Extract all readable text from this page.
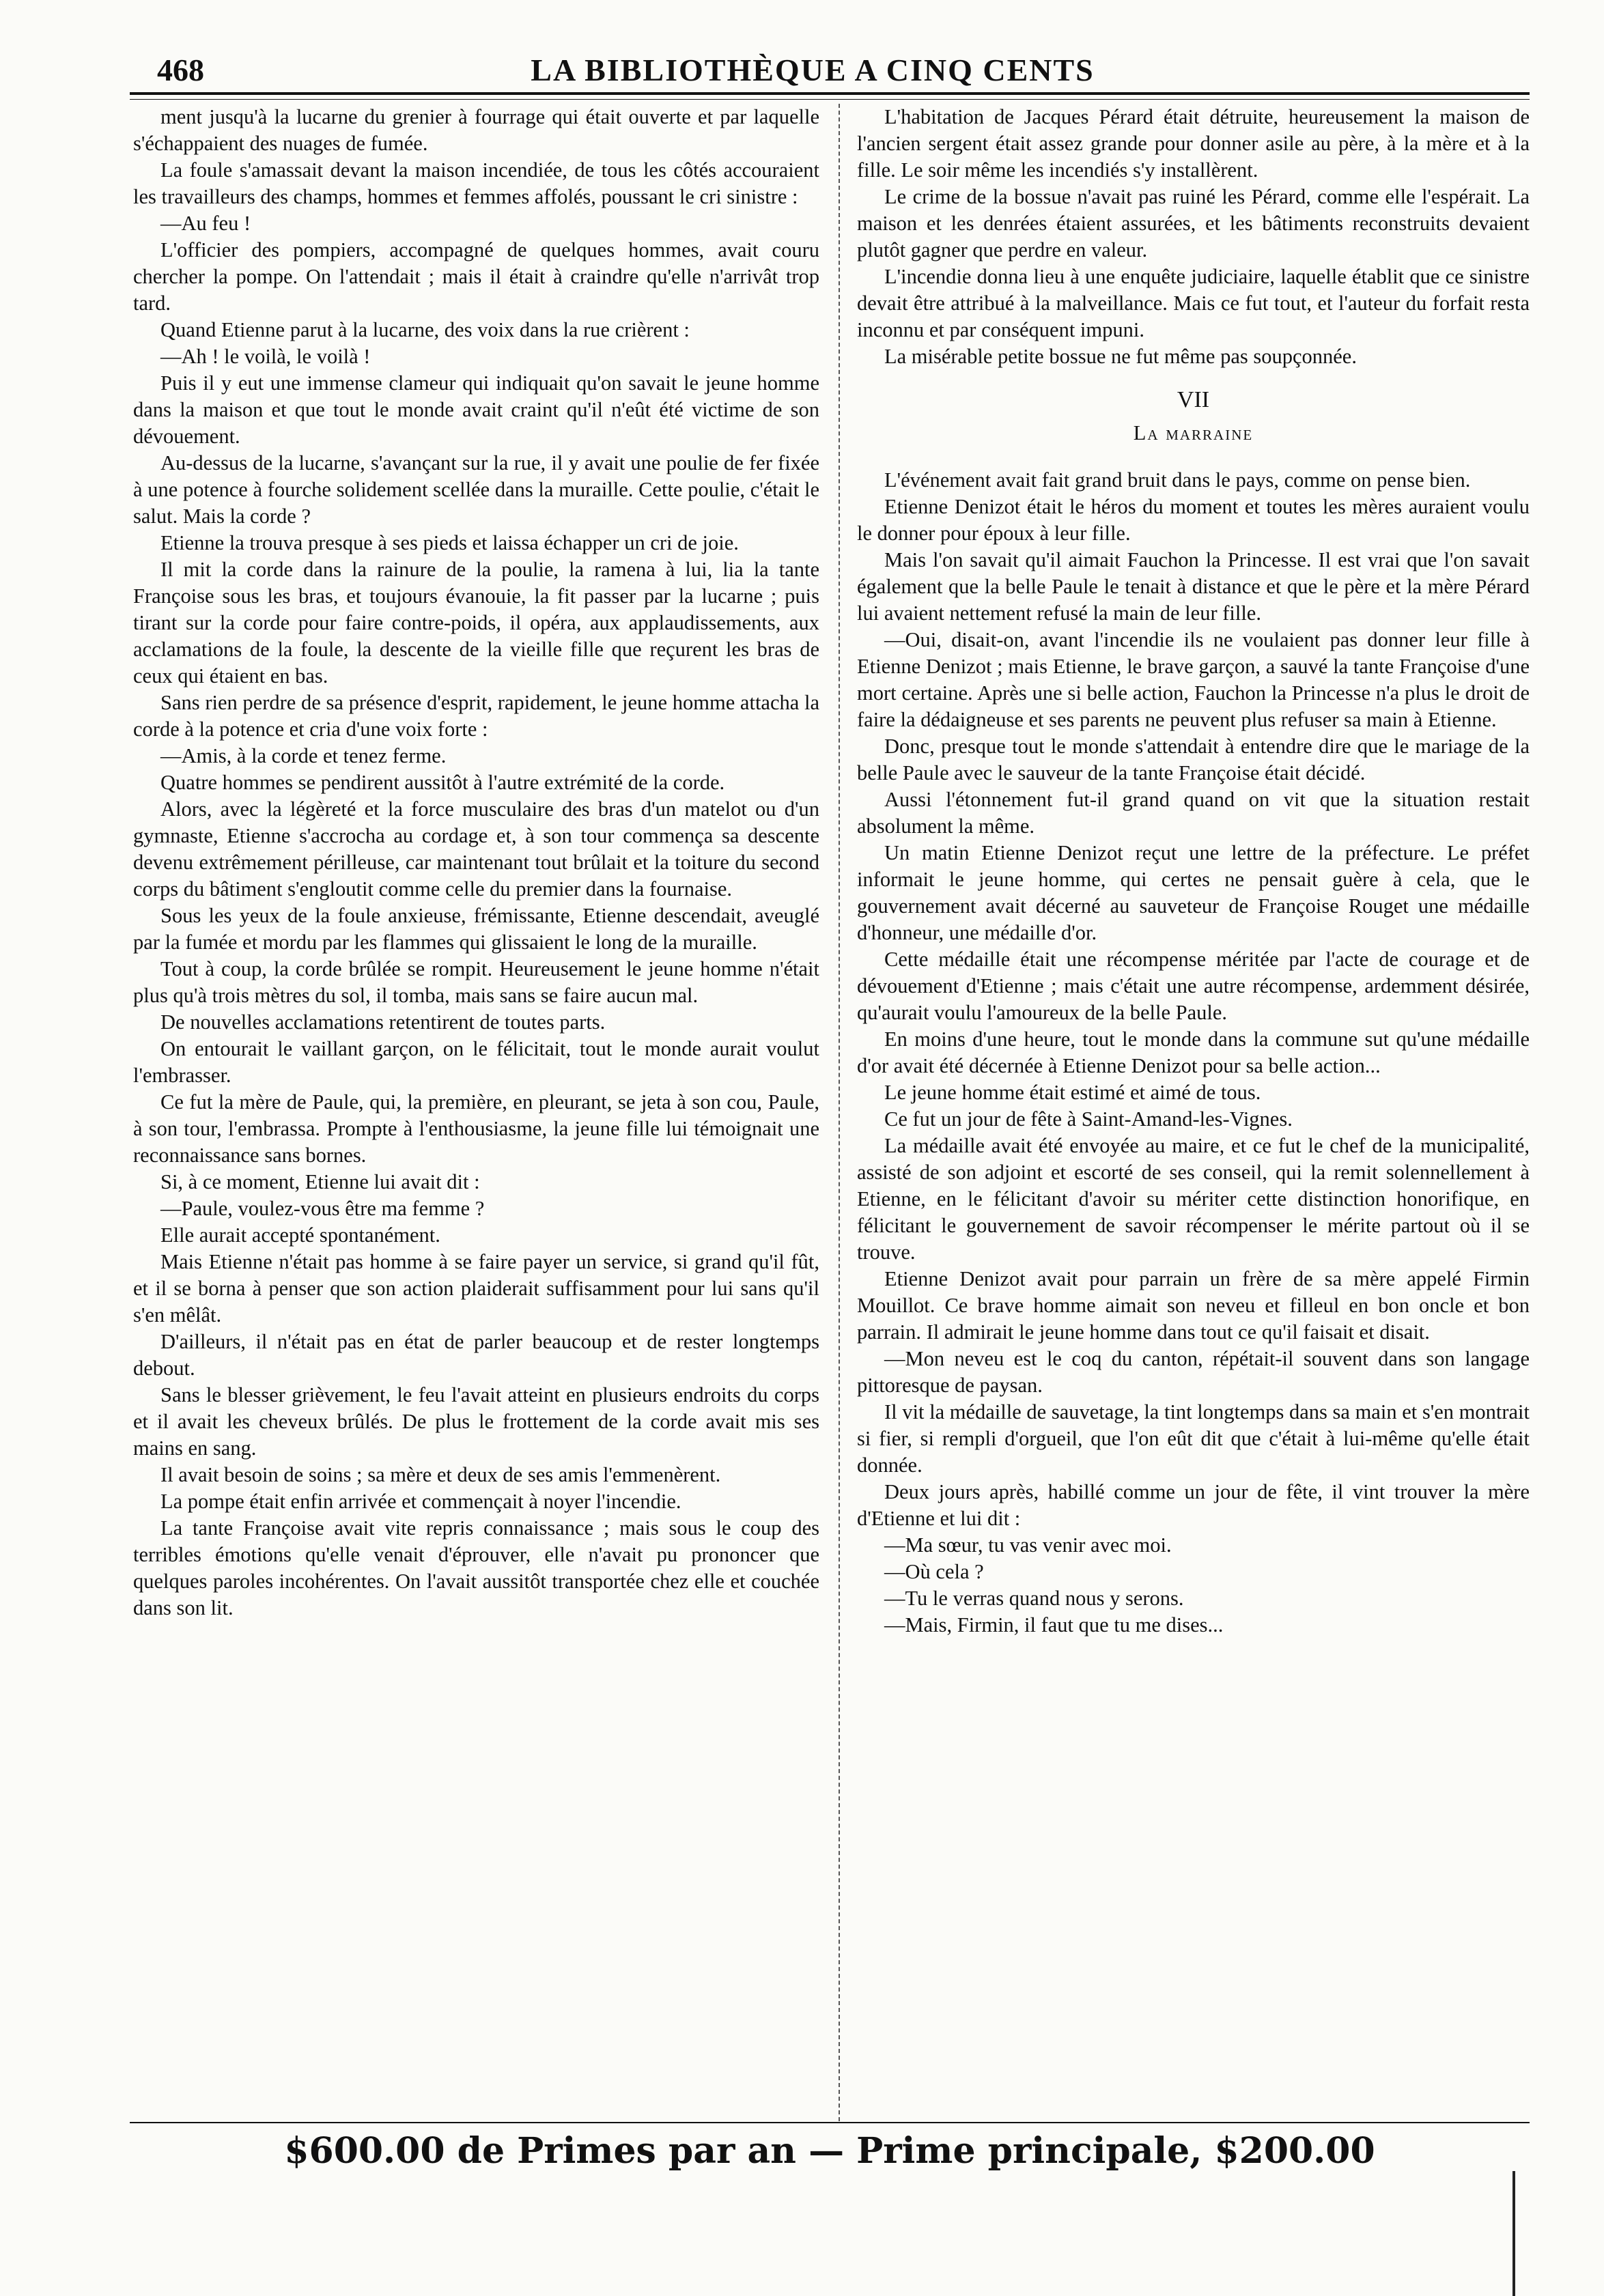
468	LA BIBLIOTHÈQUE A CINQ CENTS

ment jusqu'à la lucarne du grenier à fourrage qui était ouverte et par laquelle s'échappaient des nuages de fumée.

La foule s'amassait devant la maison incendiée, de tous les côtés accouraient les travailleurs des champs, hommes et femmes affolés, poussant le cri sinistre :

—Au feu !

L'officier des pompiers, accompagné de quelques hommes, avait couru chercher la pompe. On l'attendait ; mais il était à craindre qu'elle n'arrivât trop tard.

Quand Etienne parut à la lucarne, des voix dans la rue crièrent :

—Ah ! le voilà, le voilà !

Puis il y eut une immense clameur qui indiquait qu'on savait le jeune homme dans la maison et que tout le monde avait craint qu'il n'eût été victime de son dévouement.

Au-dessus de la lucarne, s'avançant sur la rue, il y avait une poulie de fer fixée à une potence à fourche solidement scellée dans la muraille. Cette poulie, c'était le salut. Mais la corde ?

Etienne la trouva presque à ses pieds et laissa échapper un cri de joie.

Il mit la corde dans la rainure de la poulie, la ramena à lui, lia la tante Françoise sous les bras, et toujours évanouie, la fit passer par la lucarne ; puis tirant sur la corde pour faire contre-poids, il opéra, aux applaudissements, aux acclamations de la foule, la descente de la vieille fille que reçurent les bras de ceux qui étaient en bas.

Sans rien perdre de sa présence d'esprit, rapidement, le jeune homme attacha la corde à la potence et cria d'une voix forte :

—Amis, à la corde et tenez ferme.

Quatre hommes se pendirent aussitôt à l'autre extrémité de la corde.

Alors, avec la légèreté et la force musculaire des bras d'un matelot ou d'un gymnaste, Etienne s'accrocha au cordage et, à son tour commença sa descente devenu extrêmement périlleuse, car maintenant tout brûlait et la toiture du second corps du bâtiment s'engloutit comme celle du premier dans la fournaise.

Sous les yeux de la foule anxieuse, frémissante, Etienne descendait, aveuglé par la fumée et mordu par les flammes qui glissaient le long de la muraille.

Tout à coup, la corde brûlée se rompit. Heureusement le jeune homme n'était plus qu'à trois mètres du sol, il tomba, mais sans se faire aucun mal.

De nouvelles acclamations retentirent de toutes parts.

On entourait le vaillant garçon, on le félicitait, tout le monde aurait voulut l'embrasser.

Ce fut la mère de Paule, qui, la première, en pleurant, se jeta à son cou, Paule, à son tour, l'embrassa. Prompte à l'enthousiasme, la jeune fille lui témoignait une reconnaissance sans bornes.

Si, à ce moment, Etienne lui avait dit :

—Paule, voulez-vous être ma femme ?

Elle aurait accepté spontanément.

Mais Etienne n'était pas homme à se faire payer un service, si grand qu'il fût, et il se borna à penser que son action plaiderait suffisamment pour lui sans qu'il s'en mêlât.

D'ailleurs, il n'était pas en état de parler beaucoup et de rester longtemps debout.

Sans le blesser grièvement, le feu l'avait atteint en plusieurs endroits du corps et il avait les cheveux brûlés. De plus le frottement de la corde avait mis ses mains en sang.

Il avait besoin de soins ; sa mère et deux de ses amis l'emmenèrent.

La pompe était enfin arrivée et commençait à noyer l'incendie.

La tante Françoise avait vite repris connaissance ; mais sous le coup des terribles émotions qu'elle venait d'éprouver, elle n'avait pu prononcer que quelques paroles incohérentes. On l'avait aussitôt transportée chez elle et couchée dans son lit.

L'habitation de Jacques Pérard était détruite, heureusement la maison de l'ancien sergent était assez grande pour donner asile au père, à la mère et à la fille. Le soir même les incendiés s'y installèrent.

Le crime de la bossue n'avait pas ruiné les Pérard, comme elle l'espérait. La maison et les denrées étaient assurées, et les bâtiments reconstruits devaient plutôt gagner que perdre en valeur.

L'incendie donna lieu à une enquête judiciaire, laquelle établit que ce sinistre devait être attribué à la malveillance. Mais ce fut tout, et l'auteur du forfait resta inconnu et par conséquent impuni.

La misérable petite bossue ne fut même pas soupçonnée.

VII

La marraine

L'événement avait fait grand bruit dans le pays, comme on pense bien.

Etienne Denizot était le héros du moment et toutes les mères auraient voulu le donner pour époux à leur fille.

Mais l'on savait qu'il aimait Fauchon la Princesse. Il est vrai que l'on savait également que la belle Paule le tenait à distance et que le père et la mère Pérard lui avaient nettement refusé la main de leur fille.

—Oui, disait-on, avant l'incendie ils ne voulaient pas donner leur fille à Etienne Denizot ; mais Etienne, le brave garçon, a sauvé la tante Françoise d'une mort certaine. Après une si belle action, Fauchon la Princesse n'a plus le droit de faire la dédaigneuse et ses parents ne peuvent plus refuser sa main à Etienne.

Donc, presque tout le monde s'attendait à entendre dire que le mariage de la belle Paule avec le sauveur de la tante Françoise était décidé.

Aussi l'étonnement fut-il grand quand on vit que la situation restait absolument la même.

Un matin Etienne Denizot reçut une lettre de la préfecture. Le préfet informait le jeune homme, qui certes ne pensait guère à cela, que le gouvernement avait décerné au sauveteur de Françoise Rouget une médaille d'honneur, une médaille d'or.

Cette médaille était une récompense méritée par l'acte de courage et de dévouement d'Etienne ; mais c'était une autre récompense, ardemment désirée, qu'aurait voulu l'amoureux de la belle Paule.

En moins d'une heure, tout le monde dans la commune sut qu'une médaille d'or avait été décernée à Etienne Denizot pour sa belle action...

Le jeune homme était estimé et aimé de tous.

Ce fut un jour de fête à Saint-Amand-les-Vignes.

La médaille avait été envoyée au maire, et ce fut le chef de la municipalité, assisté de son adjoint et escorté de ses conseil, qui la remit solennellement à Etienne, en le félicitant d'avoir su mériter cette distinction honorifique, en félicitant le gouvernement de savoir récompenser le mérite partout où il se trouve.

Etienne Denizot avait pour parrain un frère de sa mère appelé Firmin Mouillot. Ce brave homme aimait son neveu et filleul en bon oncle et bon parrain. Il admirait le jeune homme dans tout ce qu'il faisait et disait.

—Mon neveu est le coq du canton, répétait-il souvent dans son langage pittoresque de paysan.

Il vit la médaille de sauvetage, la tint longtemps dans sa main et s'en montrait si fier, si rempli d'orgueil, que l'on eût dit que c'était à lui-même qu'elle était donnée.

Deux jours après, habillé comme un jour de fête, il vint trouver la mère d'Etienne et lui dit :

—Ma sœur, tu vas venir avec moi.

—Où cela ?

—Tu le verras quand nous y serons.

—Mais, Firmin, il faut que tu me dises...

$600.00 de Primes par an — Prime principale, $200.00
